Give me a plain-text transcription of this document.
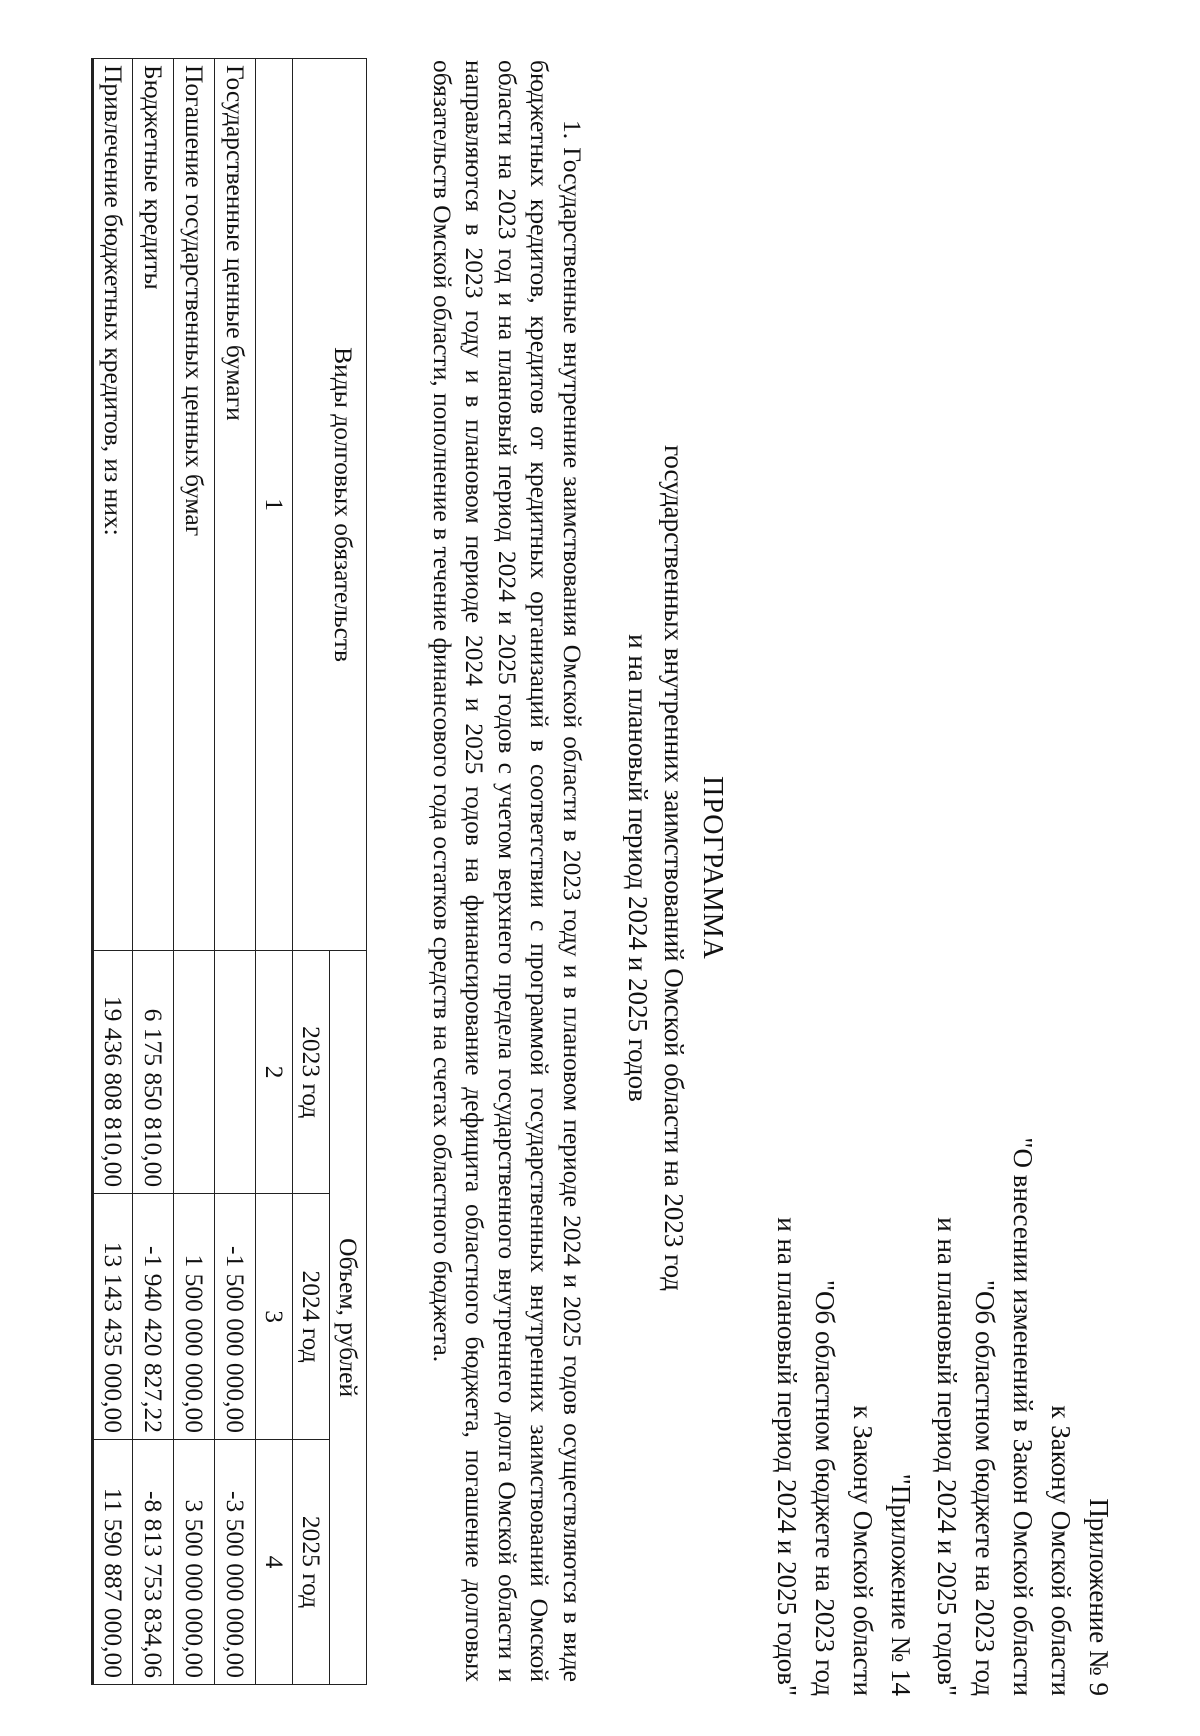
Приложение № 9
к Закону Омской области
"О внесении изменений в Закон Омской области
"Об областном бюджете на 2023 год
и на плановый период 2024 и 2025 годов"
"Приложение № 14
к Закону Омской области
"Об областном бюджете на 2023 год
и на плановый период 2024 и 2025 годов"
ПРОГРАММА
государственных внутренних заимствований Омской области на 2023 год
и на плановый период 2024 и 2025 годов
1. Государственные внутренние заимствования Омской области в 2023 году и в плановом периоде 2024 и 2025 годов осуществляются в виде бюджетных кредитов, кредитов от кредитных организаций в соответствии с программой государственных внутренних заимствований Омской области на 2023 год и на плановый период 2024 и 2025 годов с учетом верхнего предела государственного внутреннего долга Омской области и направляются в 2023 году и в плановом периоде 2024 и 2025 годов на финансирование дефицита областного бюджета, погашение долговых обязательств Омской области, пополнение в течение финансового года остатков средств на счетах областного бюджета.
Виды долговых обязательств	Объем, рублей		
	2023 год	2024 год	2025 год
1	2	3	4
Государственные ценные бумаги		-1 500 000 000,00	-3 500 000 000,00
Погашение государственных ценных бумаг		1 500 000 000,00	3 500 000 000,00
Бюджетные кредиты	6 175 850 810,00	-1 940 420 827,22	-8 813 753 834,06
Привлечение бюджетных кредитов, из них:	19 436 808 810,00	13 143 435 000,00	11 590 887 000,00
